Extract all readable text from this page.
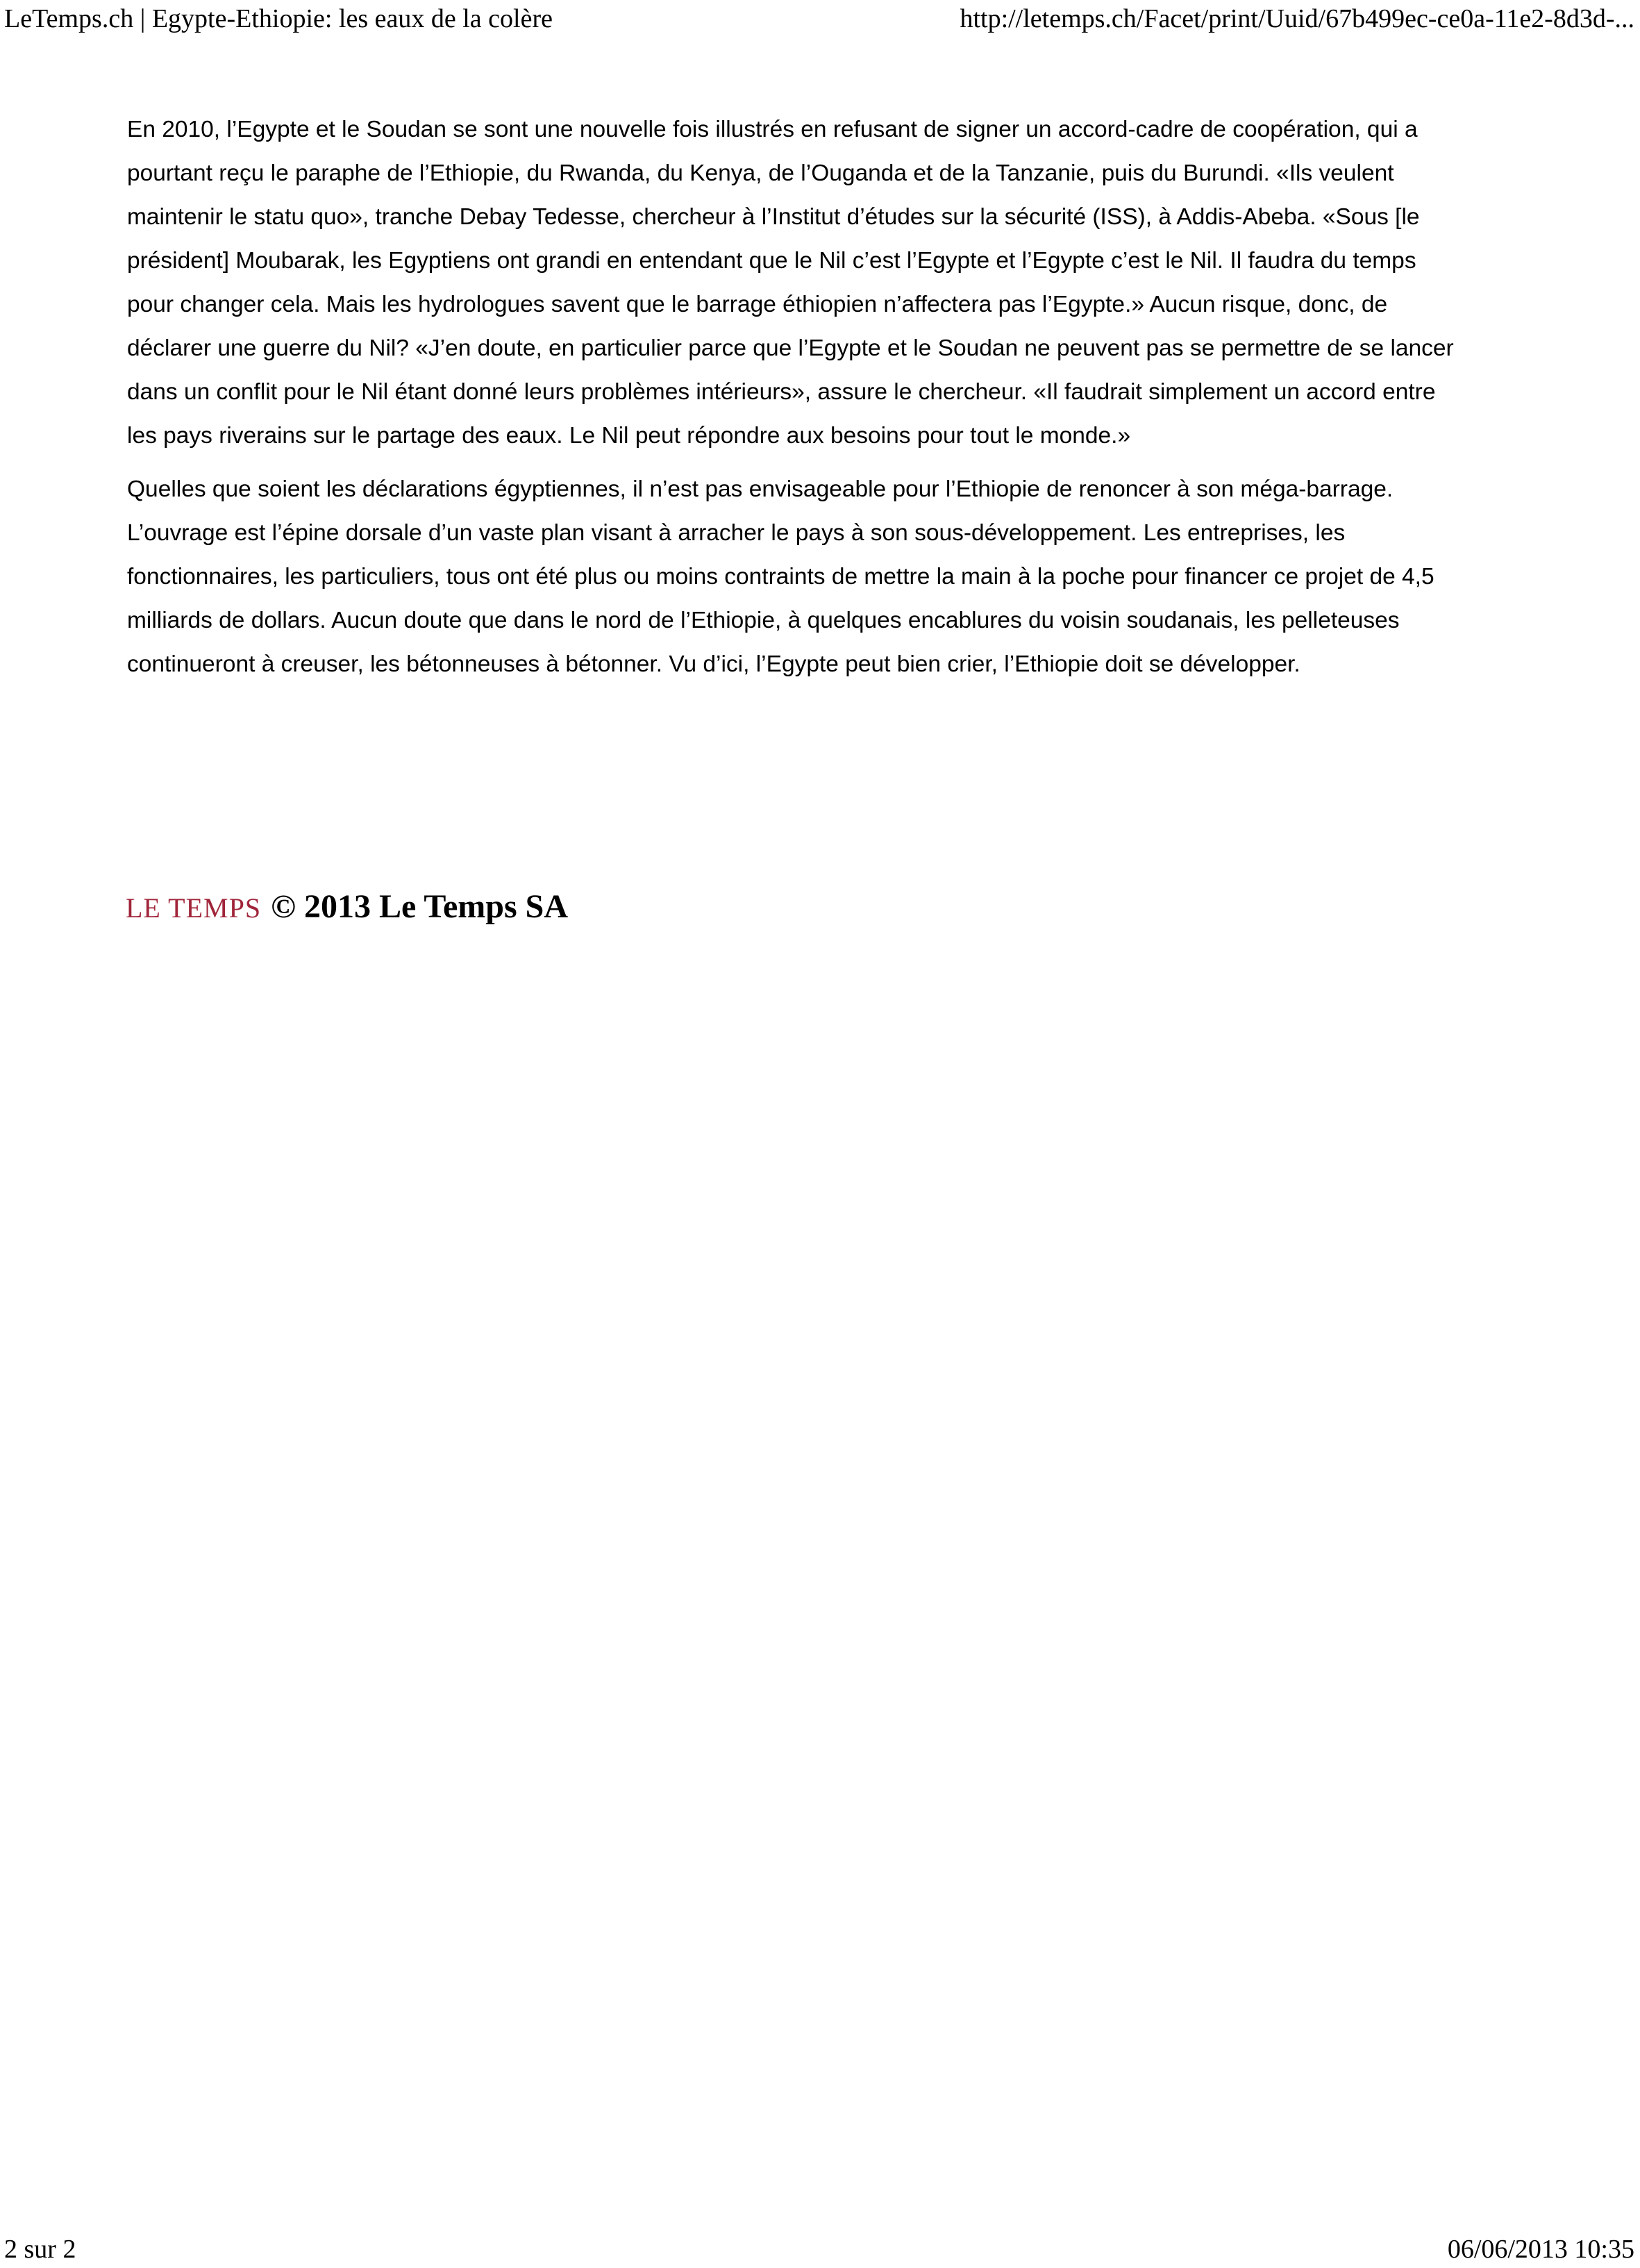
LeTemps.ch | Egypte-Ethiopie: les eaux de la colère	http://letemps.ch/Facet/print/Uuid/67b499ec-ce0a-11e2-8d3d-...

En 2010, l’Egypte et le Soudan se sont une nouvelle fois illustrés en refusant de signer un accord-cadre de coopération, qui a pourtant reçu le paraphe de l’Ethiopie, du Rwanda, du Kenya, de l’Ouganda et de la Tanzanie, puis du Burundi. «Ils veulent maintenir le statu quo», tranche Debay Tedesse, chercheur à l’Institut d’études sur la sécurité (ISS), à Addis-Abeba. «Sous [le président] Moubarak, les Egyptiens ont grandi en entendant que le Nil c’est l’Egypte et l’Egypte c’est le Nil. Il faudra du temps pour changer cela. Mais les hydrologues savent que le barrage éthiopien n’affectera pas l’Egypte.» Aucun risque, donc, de déclarer une guerre du Nil? «J’en doute, en particulier parce que l’Egypte et le Soudan ne peuvent pas se permettre de se lancer dans un conflit pour le Nil étant donné leurs problèmes intérieurs», assure le chercheur. «Il faudrait simplement un accord entre les pays riverains sur le partage des eaux. Le Nil peut répondre aux besoins pour tout le monde.»

Quelles que soient les déclarations égyptiennes, il n’est pas envisageable pour l’Ethiopie de renoncer à son méga-barrage. L’ouvrage est l’épine dorsale d’un vaste plan visant à arracher le pays à son sous-développement. Les entreprises, les fonctionnaires, les particuliers, tous ont été plus ou moins contraints de mettre la main à la poche pour financer ce projet de 4,5 milliards de dollars. Aucun doute que dans le nord de l’Ethiopie, à quelques encablures du voisin soudanais, les pelleteuses continueront à creuser, les bétonneuses à bétonner. Vu d’ici, l’Egypte peut bien crier, l’Ethiopie doit se développer.

LE TEMPS © 2013 Le Temps SA
2 sur 2	06/06/2013 10:35
